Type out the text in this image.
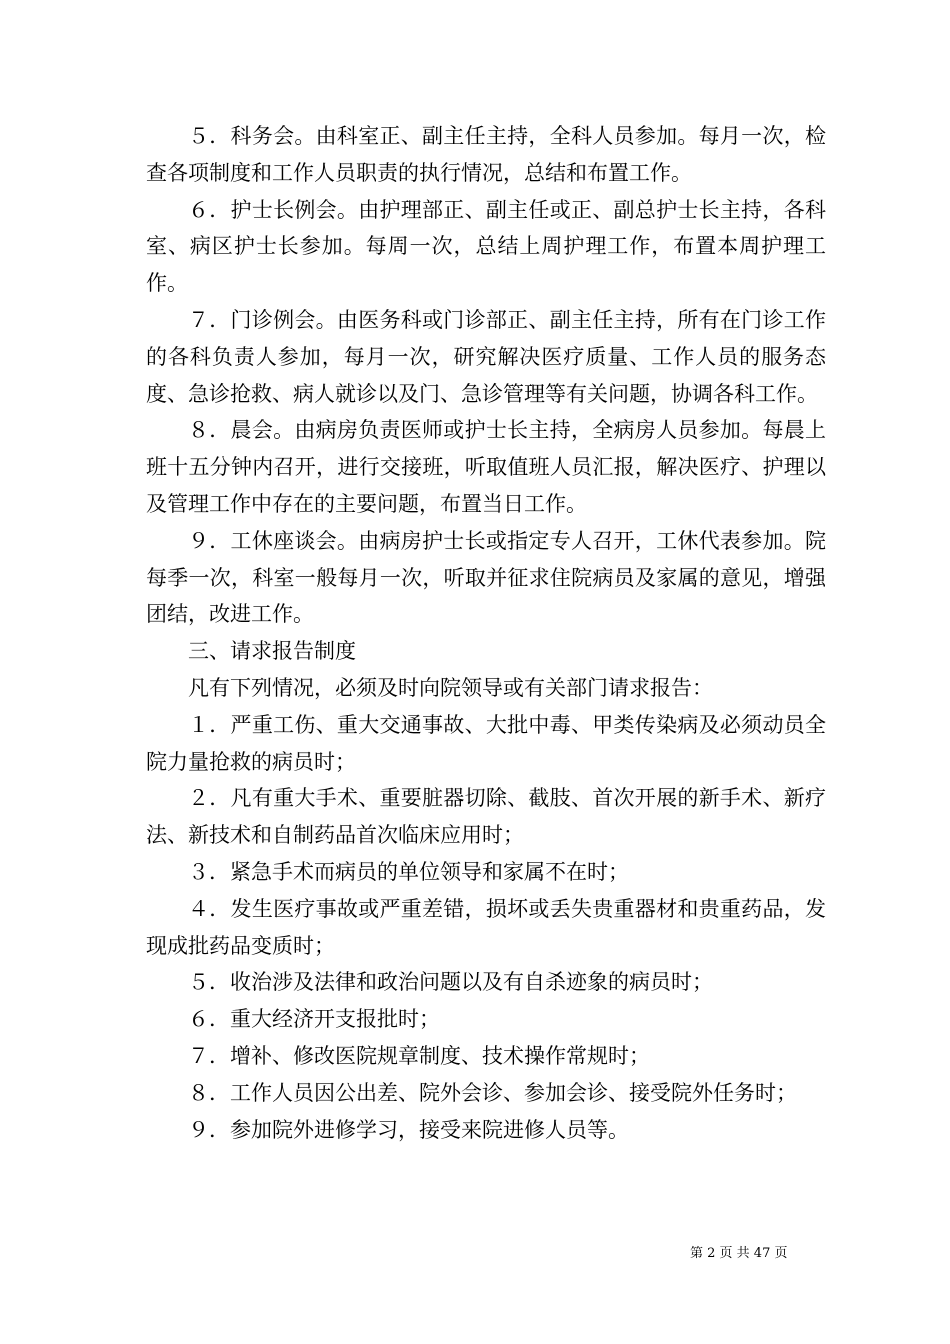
５．科务会。由科室正、副主任主持，全科人员参加。每月一次，检查各项制度和工作人员职责的执行情况，总结和布置工作。

６．护士长例会。由护理部正、副主任或正、副总护士长主持，各科室、病区护士长参加。每周一次，总结上周护理工作，布置本周护理工作。

７．门诊例会。由医务科或门诊部正、副主任主持，所有在门诊工作的各科负责人参加，每月一次，研究解决医疗质量、工作人员的服务态度、急诊抢救、病人就诊以及门、急诊管理等有关问题，协调各科工作。

８．晨会。由病房负责医师或护士长主持，全病房人员参加。每晨上班十五分钟内召开，进行交接班，听取值班人员汇报，解决医疗、护理以及管理工作中存在的主要问题，布置当日工作。

９．工休座谈会。由病房护士长或指定专人召开，工休代表参加。院每季一次，科室一般每月一次，听取并征求住院病员及家属的意见，增强团结，改进工作。

三、请求报告制度

凡有下列情况，必须及时向院领导或有关部门请求报告：

１．严重工伤、重大交通事故、大批中毒、甲类传染病及必须动员全院力量抢救的病员时；

２．凡有重大手术、重要脏器切除、截肢、首次开展的新手术、新疗法、新技术和自制药品首次临床应用时；

３．紧急手术而病员的单位领导和家属不在时；

４．发生医疗事故或严重差错，损坏或丢失贵重器材和贵重药品，发现成批药品变质时；

５．收治涉及法律和政治问题以及有自杀迹象的病员时；

６．重大经济开支报批时；

７．增补、修改医院规章制度、技术操作常规时；

８．工作人员因公出差、院外会诊、参加会诊、接受院外任务时；

９．参加院外进修学习，接受来院进修人员等。

第 2 页 共 47 页
